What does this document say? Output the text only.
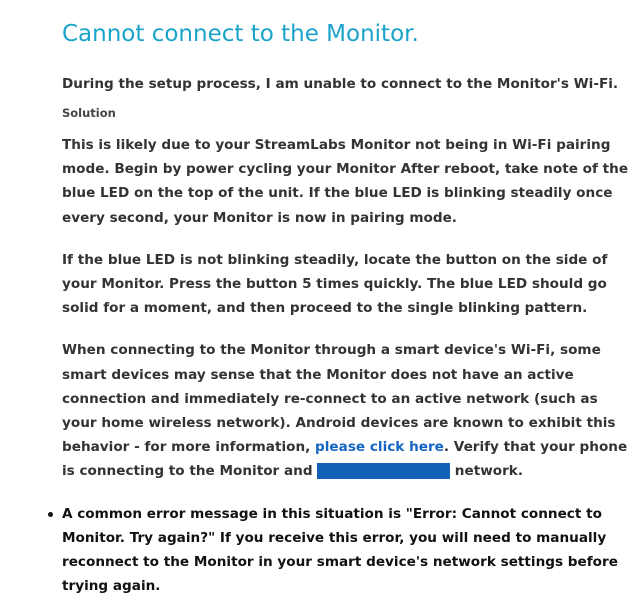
Cannot connect to the Monitor.

During the setup process, I am unable to connect to the Monitor's Wi-Fi.

Solution

This is likely due to your StreamLabs Monitor not being in Wi-Fi pairing mode. Begin by power cycling your Monitor After reboot, take note of the blue LED on the top of the unit. If the blue LED is blinking steadily once every second, your Monitor is now in pairing mode.

If the blue LED is not blinking steadily, locate the button on the side of your Monitor. Press the button 5 times quickly. The blue LED should go solid for a moment, and then proceed to the single blinking pattern.

When connecting to the Monitor through a smart device's Wi-Fi, some smart devices may sense that the Monitor does not have an active connection and immediately re-connect to an active network (such as your home wireless network). Android devices are known to exhibit this behavior - for more information, please click here. Verify that your phone is connecting to the Monitor and not your wireless network.

A common error message in this situation is "Error: Cannot connect to Monitor. Try again?" If you receive this error, you will need to manually reconnect to the Monitor in your smart device's network settings before trying again.
